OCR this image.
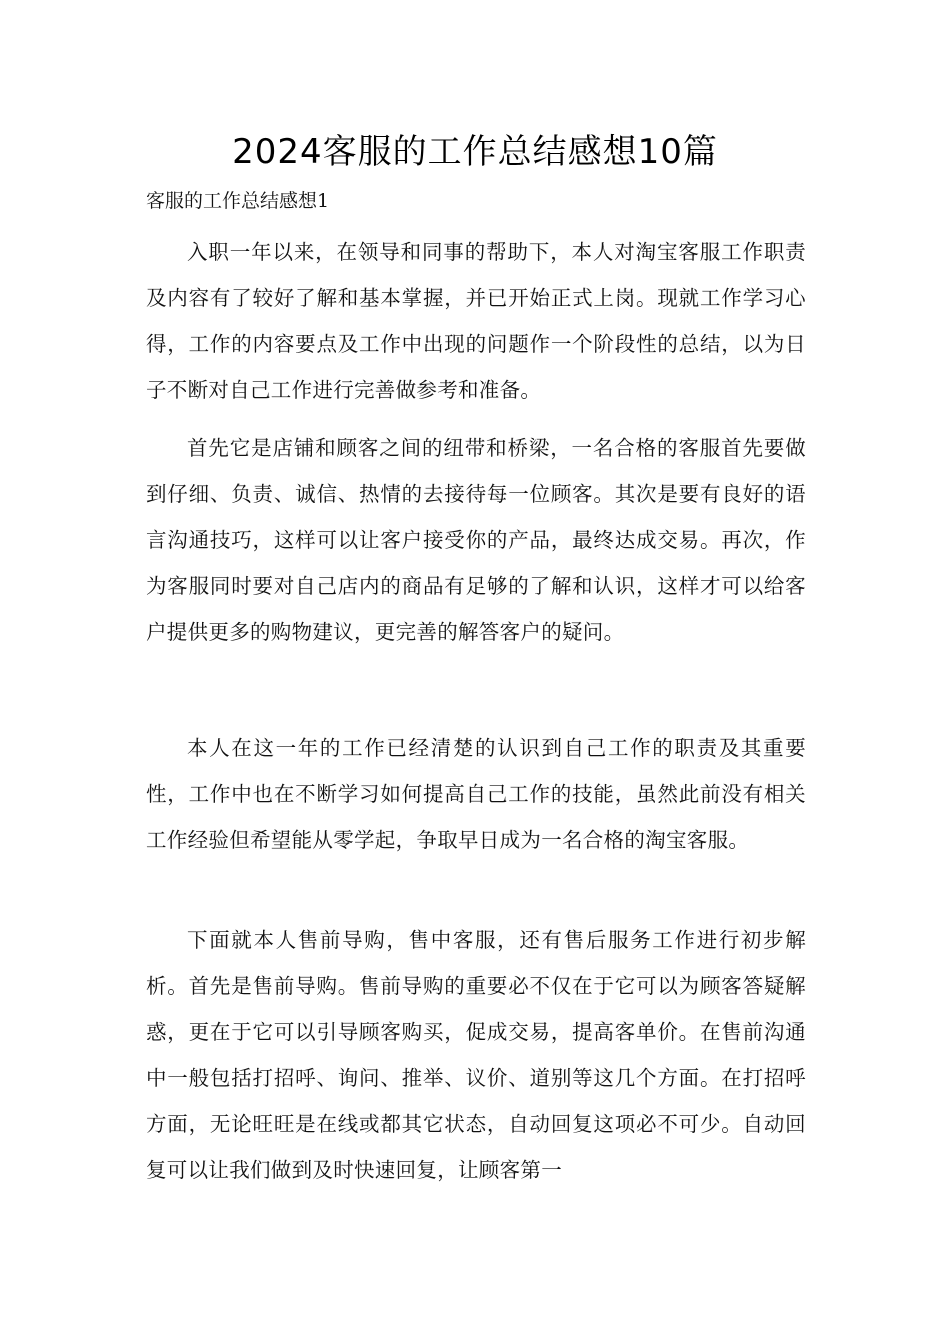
2024客服的工作总结感想10篇
客服的工作总结感想1

入职一年以来，在领导和同事的帮助下，本人对淘宝客服工作职责及内容有了较好了解和基本掌握，并已开始正式上岗。现就工作学习心得，工作的内容要点及工作中出现的问题作一个阶段性的总结，以为日子不断对自己工作进行完善做参考和准备。

首先它是店铺和顾客之间的纽带和桥梁，一名合格的客服首先要做到仔细、负责、诚信、热情的去接待每一位顾客。其次是要有良好的语言沟通技巧，这样可以让客户接受你的产品，最终达成交易。再次，作为客服同时要对自己店内的商品有足够的了解和认识，这样才可以给客户提供更多的购物建议，更完善的解答客户的疑问。

本人在这一年的工作已经清楚的认识到自己工作的职责及其重要性，工作中也在不断学习如何提高自己工作的技能，虽然此前没有相关工作经验但希望能从零学起，争取早日成为一名合格的淘宝客服。

下面就本人售前导购，售中客服，还有售后服务工作进行初步解析。首先是售前导购。售前导购的重要必不仅在于它可以为顾客答疑解惑，更在于它可以引导顾客购买，促成交易，提高客单价。在售前沟通中一般包括打招呼、询问、推举、议价、道别等这几个方面。在打招呼方面，无论旺旺是在线或都其它状态，自动回复这项必不可少。自动回复可以让我们做到及时快速回复，让顾客第一
